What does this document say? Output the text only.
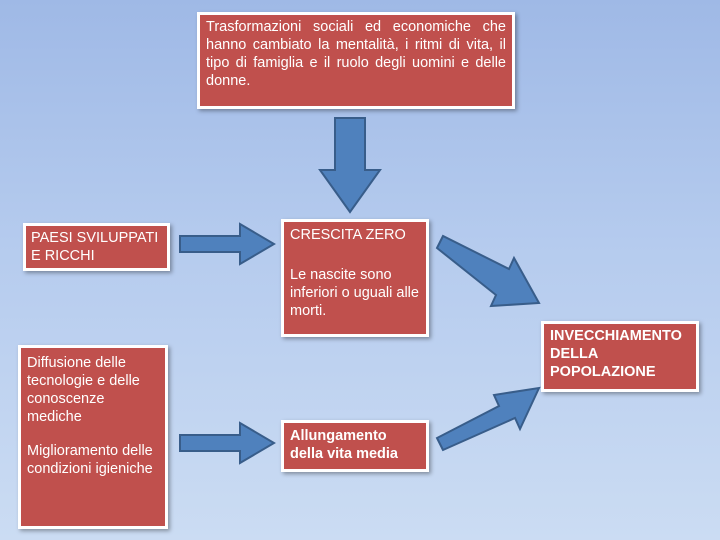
Trasformazioni sociali ed economiche che hanno cambiato la mentalità, i ritmi di vita, il tipo di famiglia e il ruolo degli uomini e delle donne.
PAESI SVILUPPATI E RICCHI
CRESCITA ZERO
Le nascite sono inferiori o uguali alle morti.
Diffusione delle tecnologie e delle conoscenze mediche
Miglioramento delle condizioni igieniche
Allungamento della vita media
INVECCHIAMENTO DELLA POPOLAZIONE
